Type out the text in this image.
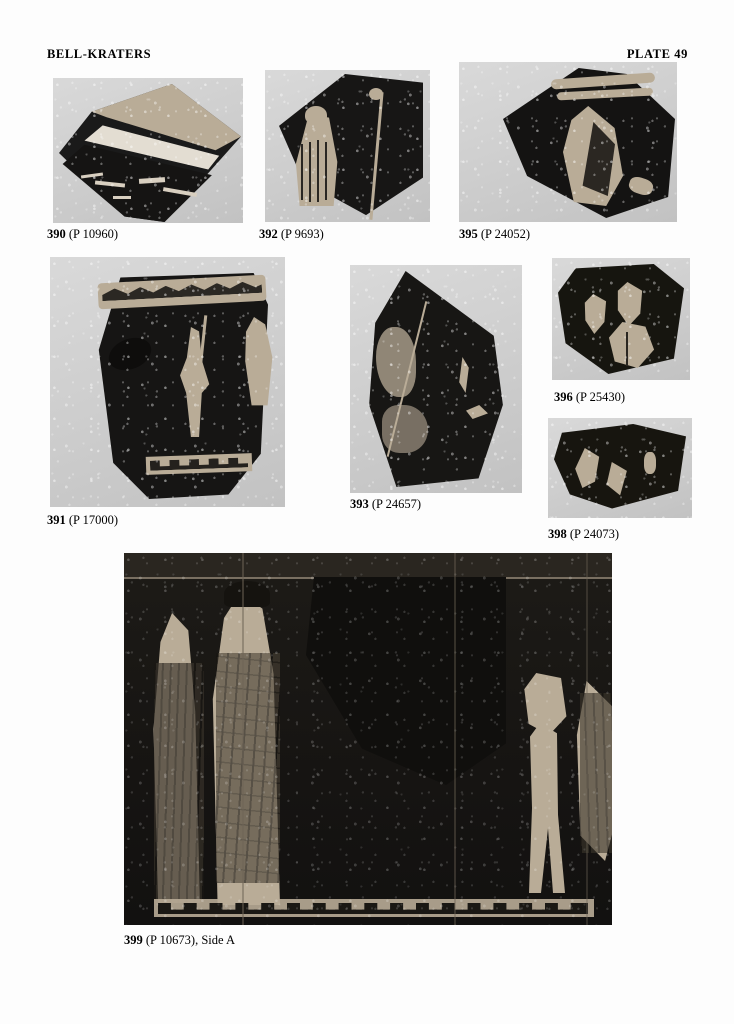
BELL-KRATERS	PLATE 49
390 (P 10960)	392 (P 9693)	395 (P 24052)
391 (P 17000)
393 (P 24657)
396 (P 25430)
398 (P 24073)
399 (P 10673), Side A
